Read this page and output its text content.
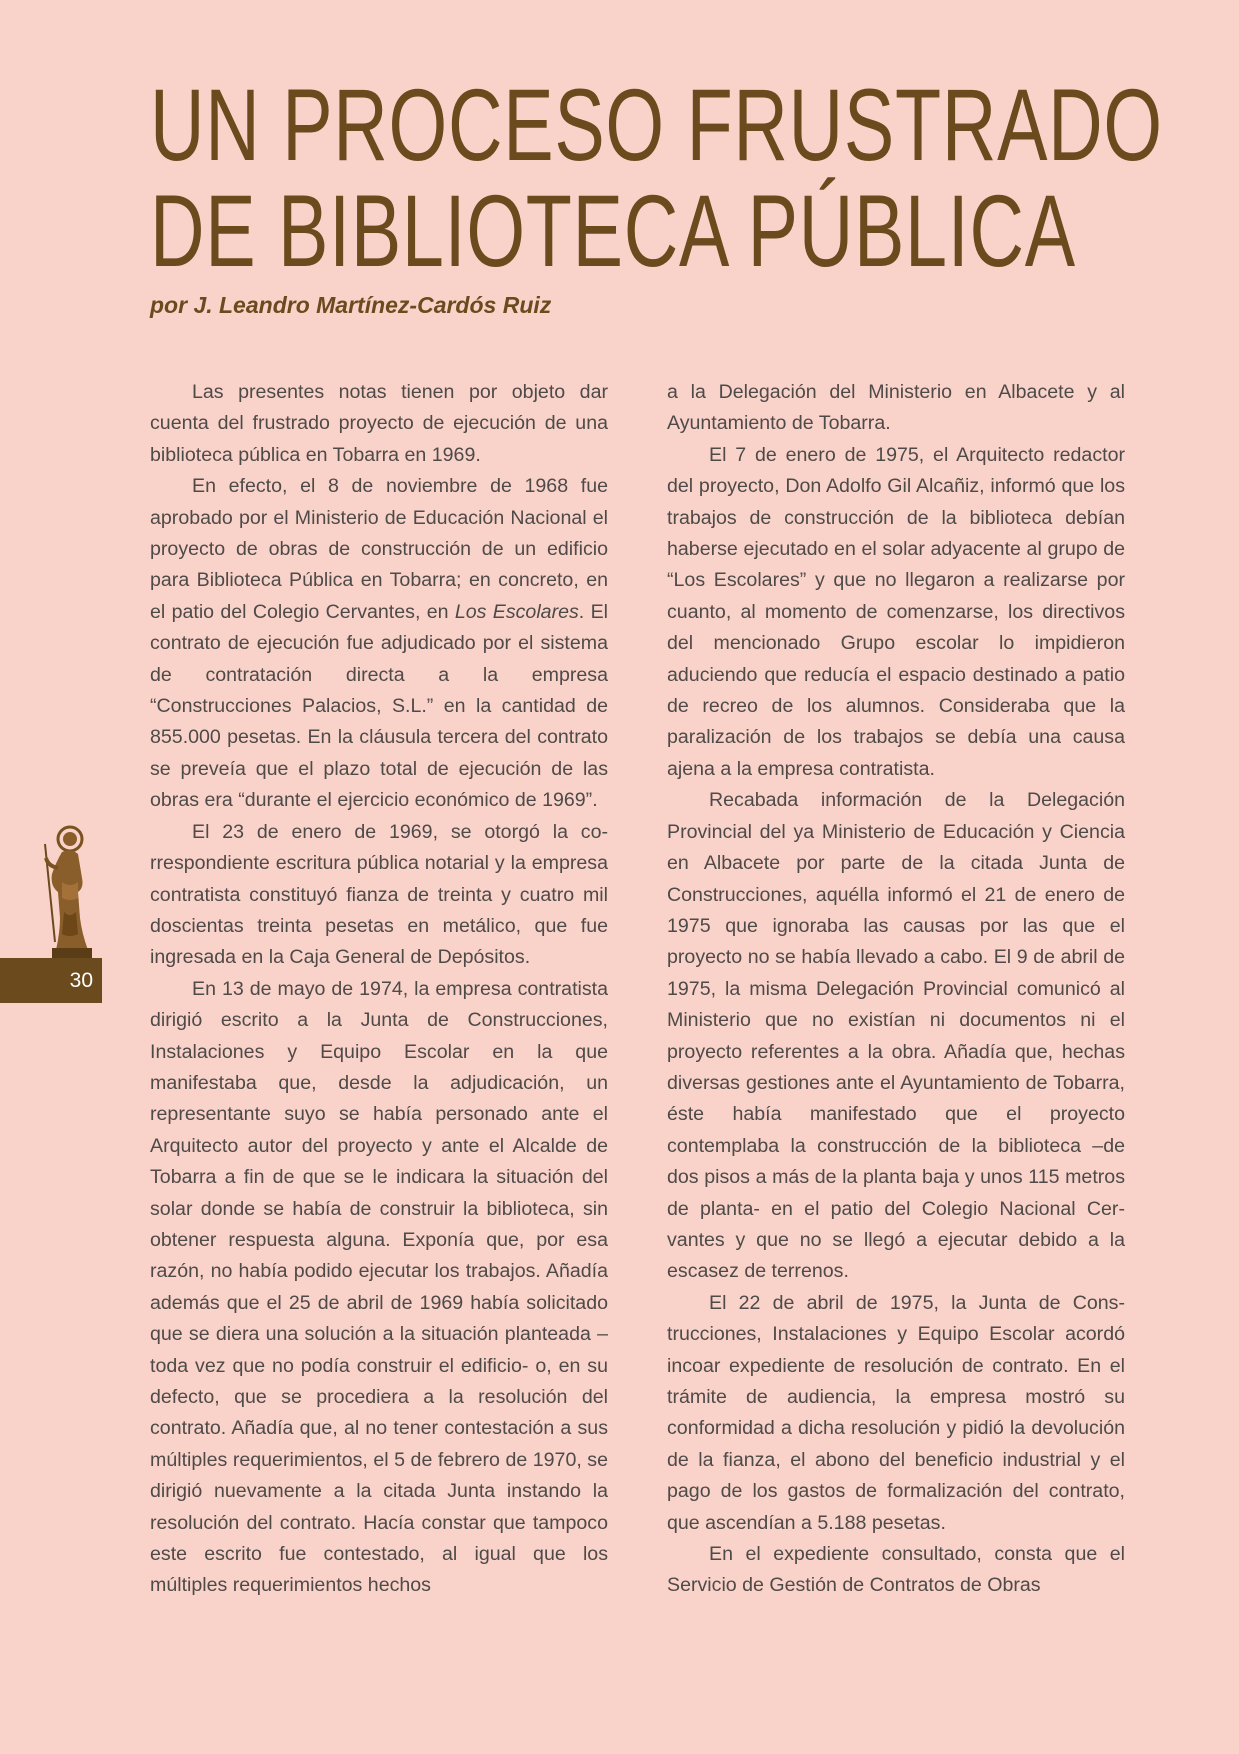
UN PROCESO FRUSTRADO
DE BIBLIOTECA PÚBLICA

por J. Leandro Martínez-Cardós Ruiz

Las presentes notas tienen por objeto dar cuenta del frustrado proyecto de ejecución de una biblioteca pública en Tobarra en 1969.

En efecto, el 8 de noviembre de 1968 fue aprobado por el Ministerio de Educación Nacional el proyecto de obras de construcción de un edificio para Biblioteca Pública en Tobarra; en concreto, en el patio del Colegio Cervantes, en Los Escolares. El contrato de ejecución fue adjudicado por el sistema de contratación directa a la empresa “Construcciones Palacios, S.L.” en la cantidad de 855.000 pesetas. En la cláusula tercera del contrato se preveía que el plazo total de ejecución de las obras era “durante el ejercicio económico de 1969”.

El 23 de enero de 1969, se otorgó la correspondiente escritura pública notarial y la empresa contratista constituyó fianza de treinta y cuatro mil doscientas treinta pesetas en metálico, que fue ingresada en la Caja General de Depósitos.

En 13 de mayo de 1974, la empresa contratista dirigió escrito a la Junta de Construcciones, Instalaciones y Equipo Escolar en la que manifestaba que, desde la adjudicación, un representante suyo se había personado ante el Arquitecto autor del proyecto y ante el Alcalde de Tobarra a fin de que se le indicara la situación del solar donde se había de construir la biblioteca, sin obtener respuesta alguna. Exponía que, por esa razón, no había podido ejecutar los trabajos. Añadía además que el 25 de abril de 1969 había solicitado que se diera una solución a la situación planteada –toda vez que no podía construir el edificio- o, en su defecto, que se procediera a la resolución del contrato. Añadía que, al no tener contestación a sus múltiples requerimientos, el 5 de febrero de 1970, se dirigió nuevamente a la citada Junta instando la resolución del contrato. Hacía constar que tampoco este escrito fue contestado, al igual que los múltiples requerimientos hechos

a la Delegación del Ministerio en Albacete y al Ayuntamiento de Tobarra.

El 7 de enero de 1975, el Arquitecto redactor del proyecto, Don Adolfo Gil Alcañiz, informó que los trabajos de construcción de la biblioteca debían haberse ejecutado en el solar adyacente al grupo de “Los Escolares” y que no llegaron a realizarse por cuanto, al momento de comenzarse, los directivos del mencionado Grupo escolar lo impidieron aduciendo que reducía el espacio destinado a patio de recreo de los alumnos. Consideraba que la paralización de los trabajos se debía una causa ajena a la empresa contratista.

Recabada información de la Delegación Provincial del ya Ministerio de Educación y Ciencia en Albacete por parte de la citada Junta de Construcciones, aquélla informó el 21 de enero de 1975 que ignoraba las causas por las que el proyecto no se había llevado a cabo. El 9 de abril de 1975, la misma Delegación Provincial comunicó al Ministerio que no existían ni documentos ni el proyecto referentes a la obra. Añadía que, hechas diversas gestiones ante el Ayuntamiento de Tobarra, éste había manifestado que el proyecto contemplaba la construcción de la biblioteca –de dos pisos a más de la planta baja y unos 115 metros de planta- en el patio del Colegio Nacional Cervantes y que no se llegó a ejecutar debido a la escasez de terrenos.

El 22 de abril de 1975, la Junta de Construcciones, Instalaciones y Equipo Escolar acordó incoar expediente de resolución de contrato. En el trámite de audiencia, la empresa mostró su conformidad a dicha resolución y pidió la devolución de la fianza, el abono del beneficio industrial y el pago de los gastos de formalización del contrato, que ascendían a 5.188 pesetas.

En el expediente consultado, consta que el Servicio de Gestión de Contratos de Obras

30
